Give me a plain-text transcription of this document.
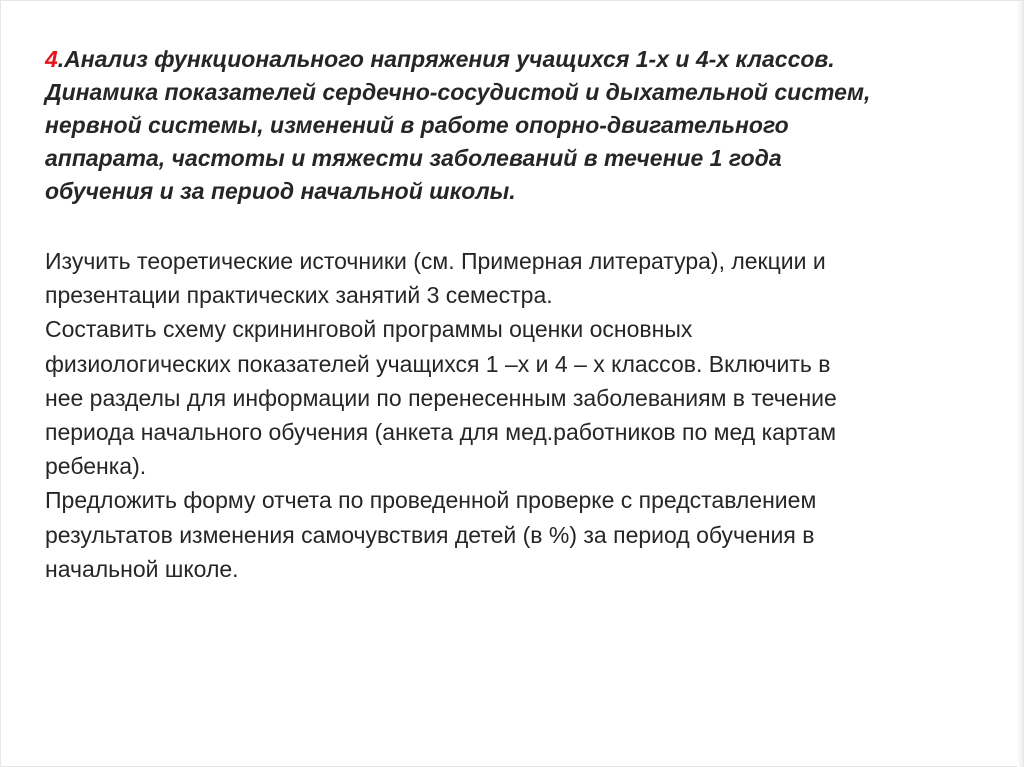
4.Анализ функционального напряжения учащихся 1-х и 4-х классов.
Динамика показателей сердечно-сосудистой и дыхательной систем,
нервной системы, изменений в работе опорно-двигательного
аппарата, частоты и тяжести заболеваний в течение 1 года
обучения и за период начальной школы.
Изучить теоретические источники (см. Примерная литература), лекции и
презентации практических занятий 3 семестра.
Составить схему скрининговой программы оценки основных
физиологических показателей учащихся 1 –х и 4 – х классов. Включить в
нее разделы для информации по перенесенным заболеваниям в течение
периода начального обучения (анкета для мед.работников по мед картам
ребенка).
Предложить форму отчета по проведенной проверке с представлением
результатов изменения самочувствия детей (в %) за период обучения в
начальной школе.
